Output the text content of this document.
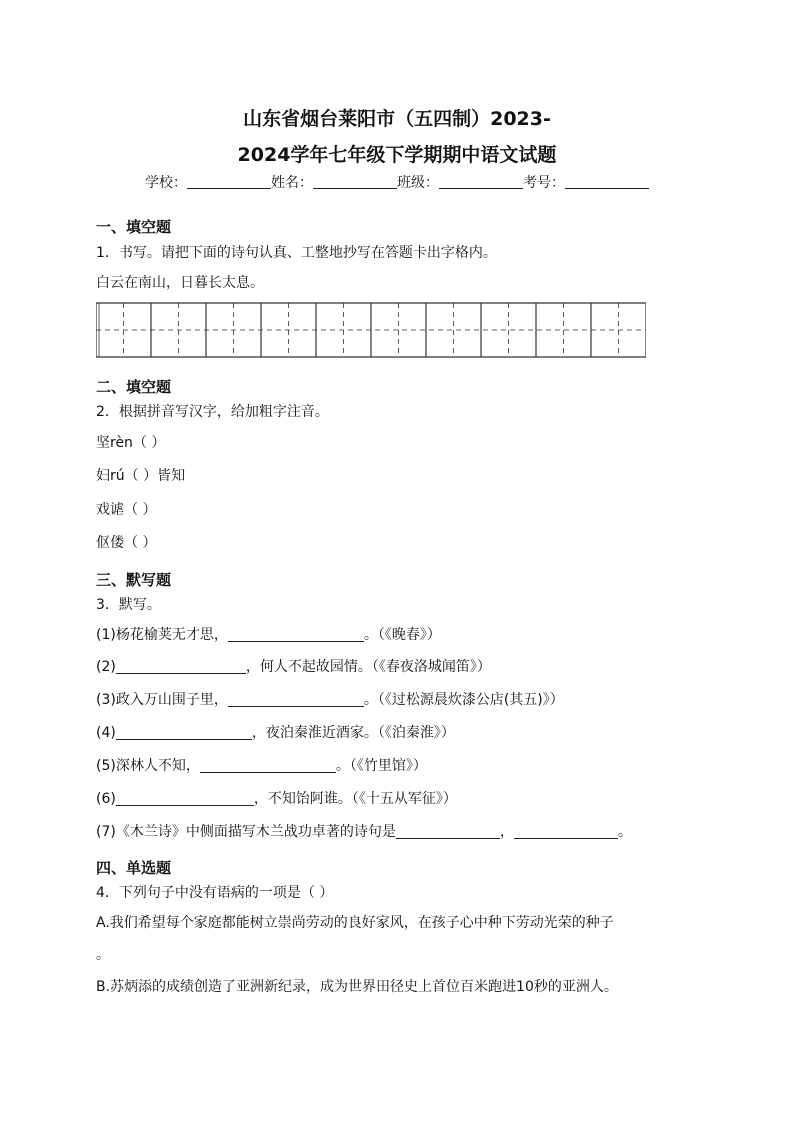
山东省烟台莱阳市（五四制）2023-
2024学年七年级下学期期中语文试题
学校：	姓名：	班级：	考号：
一、填空题
1．书写。请把下面的诗句认真、工整地抄写在答题卡出字格内。
白云在南山，日暮长太息。
二、填空题
2．根据拼音写汉字，给加粗字注音。
坚rèn（ ）
妇rú（ ）皆知
戏谑（ ）
伛偻（ ）
三、默写题
3．默写。
(1)杨花榆荚无才思，	。（《晚春》）
(2)	，何人不起故园情。（《春夜洛城闻笛》）
(3)政入万山围子里，	。（《过松源晨炊漆公店(其五)》）
(4)	，夜泊秦淮近酒家。（《泊秦淮》）
(5)深林人不知，	。（《竹里馆》）
(6)	，不知饴阿谁。（《十五从军征》）
(7)《木兰诗》中侧面描写木兰战功卓著的诗句是	，	。
四、单选题
4．下列句子中没有语病的一项是（ ）
A.我们希望每个家庭都能树立崇尚劳动的良好家风，在孩子心中种下劳动光荣的种子
。
B.苏炳添的成绩创造了亚洲新纪录，成为世界田径史上首位百米跑进10秒的亚洲人。
